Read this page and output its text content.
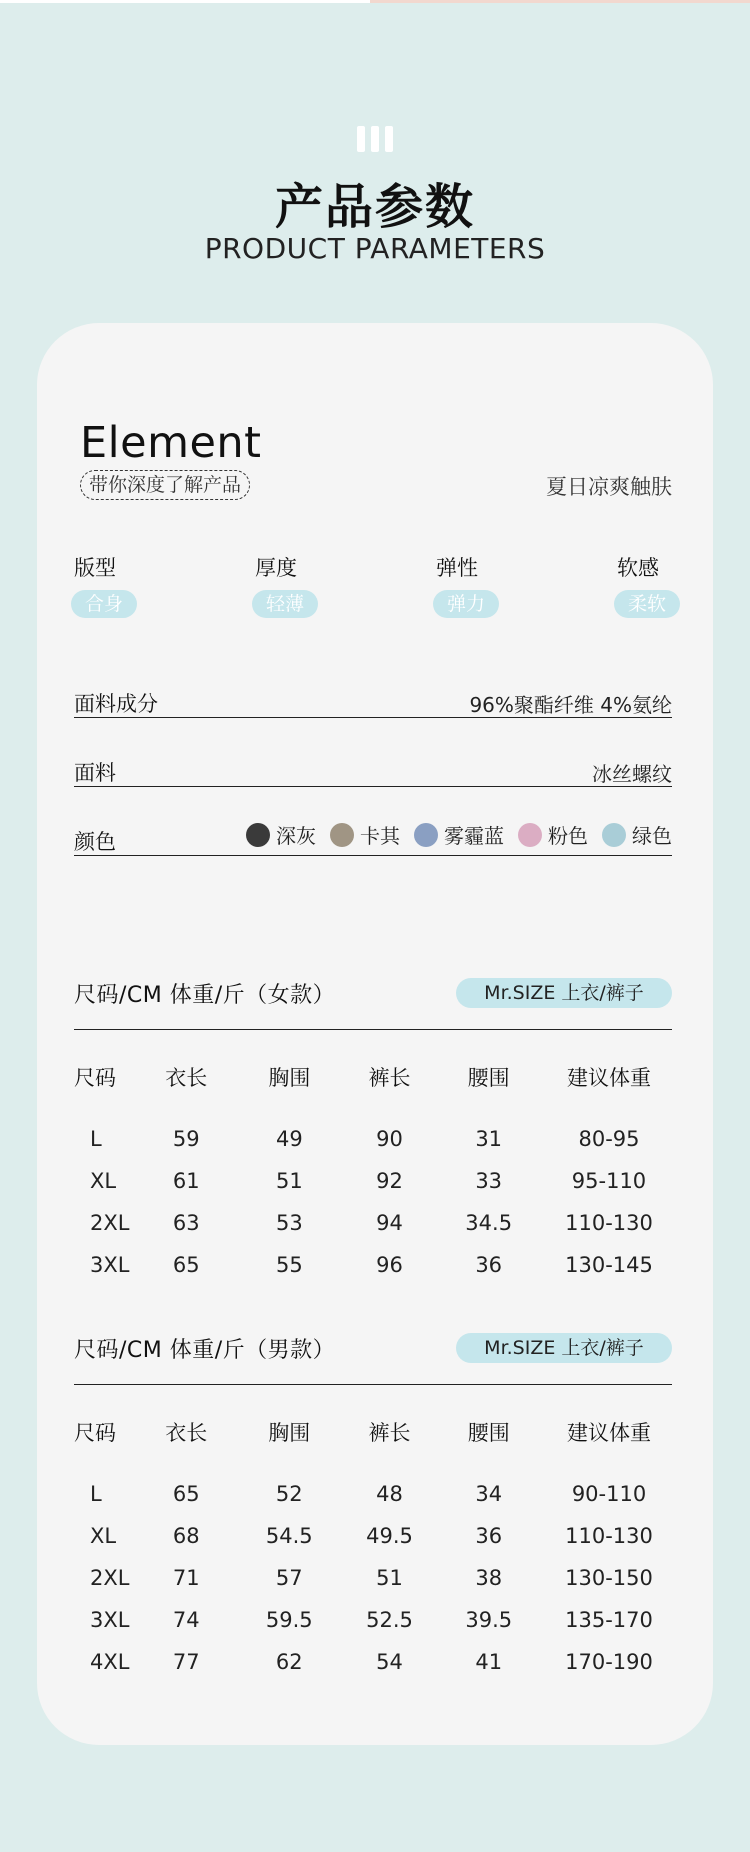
产品参数
PRODUCT PARAMETERS
Element
带你深度了解产品	夏日凉爽触肤
版型
合身
厚度
轻薄
弹性
弹力
软感
柔软
面料成分	96%聚酯纤维 4%氨纶
面料	冰丝螺纹
颜色	深灰 卡其 雾霾蓝 粉色 绿色
尺码/CM 体重/斤（女款）	Mr.SIZE 上衣/裤子
尺码	衣长	胸围	裤长	腰围	建议体重
L	59	49	90	31	80-95
XL	61	51	92	33	95-110
2XL	63	53	94	34.5	110-130
3XL	65	55	96	36	130-145
尺码/CM 体重/斤（男款）	Mr.SIZE 上衣/裤子
尺码	衣长	胸围	裤长	腰围	建议体重
L	65	52	48	34	90-110
XL	68	54.5	49.5	36	110-130
2XL	71	57	51	38	130-150
3XL	74	59.5	52.5	39.5	135-170
4XL	77	62	54	41	170-190
